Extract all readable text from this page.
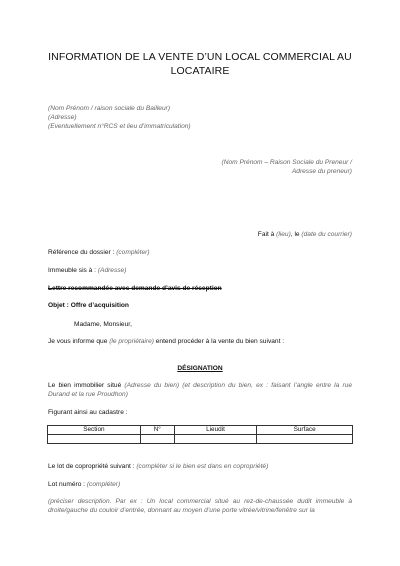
INFORMATION DE LA VENTE D’UN LOCAL COMMERCIAL AU
LOCATAIRE
(Nom Prénom / raison sociale du Bailleur)
(Adresse)
(Eventuellement n°RCS et lieu d’immatriculation)
(Nom Prénom – Raison Sociale du Preneur /
Adresse du preneur)
Fait à (lieu), le (date du courrier)
Référence du dossier : (compléter)
Immeuble sis à : (Adresse)
Lettre recommandée avec demande d’avis de réception
Objet : Offre d’acquisition
Madame, Monsieur,
Je vous informe que (le propriétaire) entend procéder à la vente du bien suivant :
DÉSIGNATION
Le bien immobilier situé (Adresse du bien) (et description du bien, ex : faisant l’angle entre la rue Durand et la rue Proudhon)
Figurant ainsi au cadastre :
Section	N°	Lieudit	Surface

Le lot de copropriété suivant : (compléter si le bien est dans en copropriété)
Lot numéro : (compléter)
(préciser description. Par ex : Un local commercial situé au rez-de-chaussée dudit immeuble à droite/gauche du couloir d’entrée, donnant au moyen d’une porte vitrée/vitrine/fenêtre sur la
